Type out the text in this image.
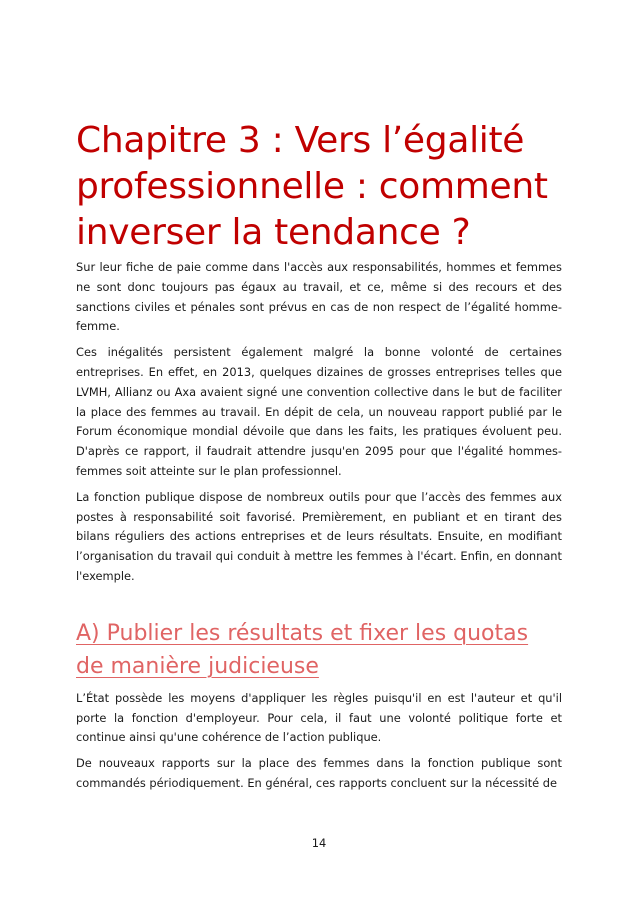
Chapitre 3 : Vers l’égalité professionnelle : comment inverser la tendance ?

Sur leur fiche de paie comme dans l'accès aux responsabilités, hommes et femmes ne sont donc toujours pas égaux au travail, et ce, même si des recours et des sanctions civiles et pénales sont prévus en cas de non respect de l’égalité homme-femme.

Ces inégalités persistent également malgré la bonne volonté de certaines entreprises. En effet, en 2013, quelques dizaines de grosses entreprises telles que LVMH, Allianz ou Axa avaient signé une convention collective dans le but de faciliter la place des femmes au travail. En dépit de cela, un nouveau rapport publié par le Forum économique mondial dévoile que dans les faits, les pratiques évoluent peu. D'après ce rapport, il faudrait attendre jusqu'en 2095 pour que l'égalité hommes-femmes soit atteinte sur le plan professionnel.

La fonction publique dispose de nombreux outils pour que l’accès des femmes aux postes à responsabilité soit favorisé. Premièrement, en publiant et en tirant des bilans réguliers des actions entreprises et de leurs résultats. Ensuite, en modifiant l’organisation du travail qui conduit à mettre les femmes à l'écart. Enfin, en donnant l'exemple.

A) Publier les résultats et fixer les quotas de manière judicieuse

L’État possède les moyens d'appliquer les règles puisqu'il en est l'auteur et qu'il porte la fonction d'employeur. Pour cela, il faut une volonté politique forte et continue ainsi qu'une cohérence de l’action publique.

De nouveaux rapports sur la place des femmes dans la fonction publique sont commandés périodiquement. En général, ces rapports concluent sur la nécessité de

14
